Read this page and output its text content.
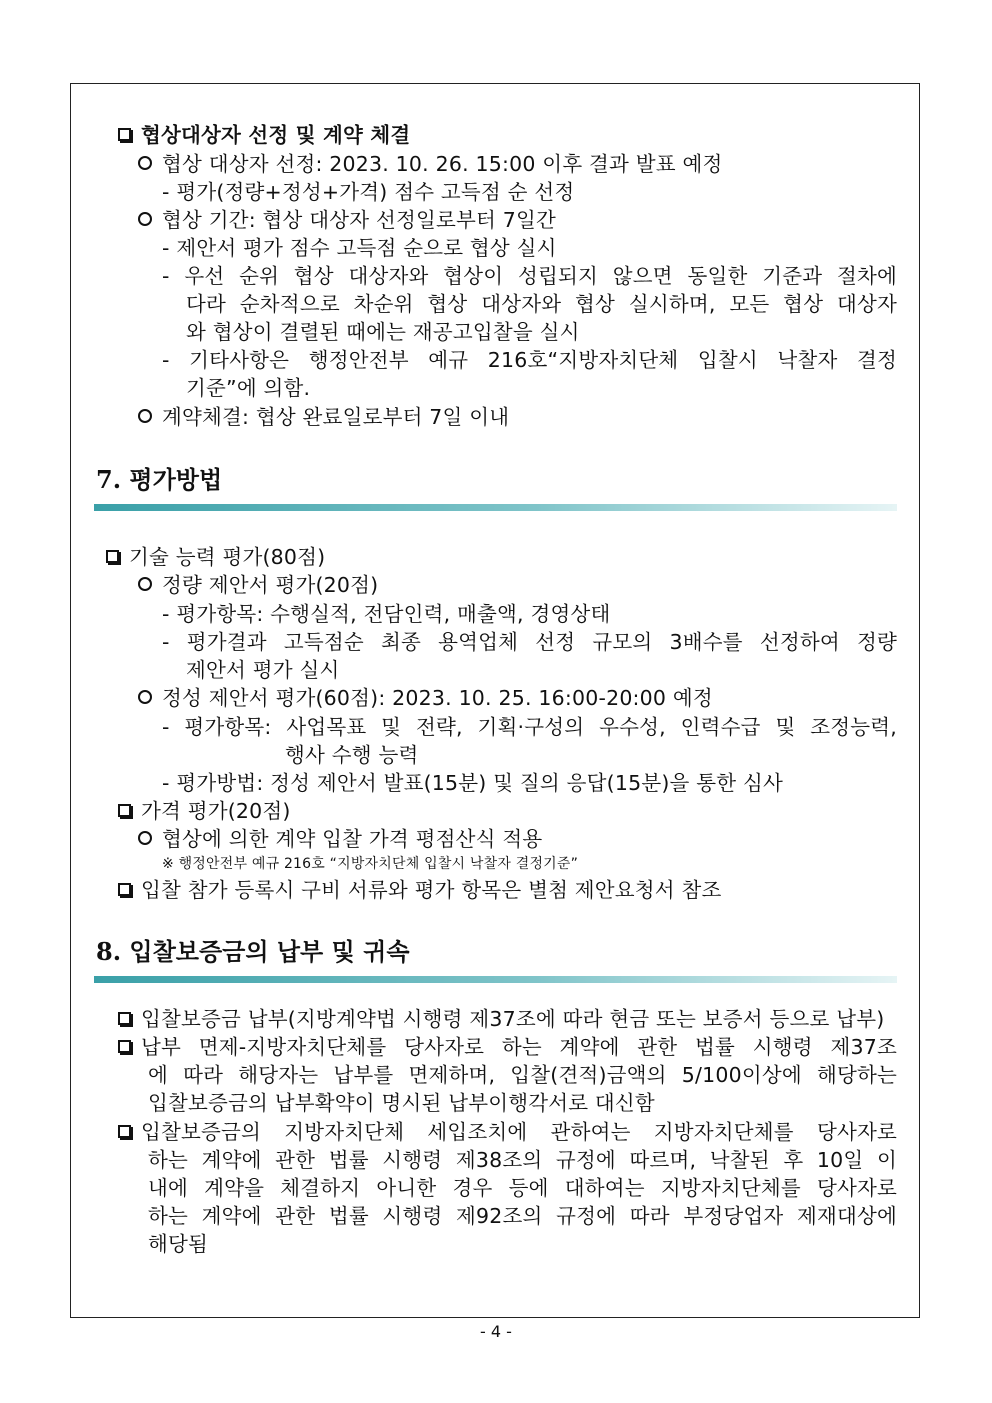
협상대상자 선정 및 계약 체결
협상 대상자 선정: 2023. 10. 26. 15:00 이후 결과 발표 예정
- 평가(정량+정성+가격) 점수 고득점 순 선정
협상 기간: 협상 대상자 선정일로부터 7일간
- 제안서 평가 점수 고득점 순으로 협상 실시
- 우선 순위 협상 대상자와 협상이 성립되지 않으면 동일한 기준과 절차에
다라 순차적으로 차순위 협상 대상자와 협상 실시하며, 모든 협상 대상자
와 협상이 결렬된 때에는 재공고입찰을 실시
- 기타사항은 행정안전부 예규 216호“지방자치단체 입찰시 낙찰자 결정
기준”에 의함.
계약체결: 협상 완료일로부터 7일 이내
7. 평가방법
기술 능력 평가(80점)
정량 제안서 평가(20점)
- 평가항목: 수행실적, 전담인력, 매출액, 경영상태
- 평가결과 고득점순 최종 용역업체 선정 규모의 3배수를 선정하여 정량
제안서 평가 실시
정성 제안서 평가(60점): 2023. 10. 25. 16:00-20:00 예정
- 평가항목: 사업목표 및 전략, 기획·구성의 우수성, 인력수급 및 조정능력,
행사 수행 능력
- 평가방법: 정성 제안서 발표(15분) 및 질의 응답(15분)을 통한 심사
가격 평가(20점)
협상에 의한 계약 입찰 가격 평점산식 적용
※ 행정안전부 예규 216호 “지방자치단체 입찰시 낙찰자 결정기준”
입찰 참가 등록시 구비 서류와 평가 항목은 별첨 제안요청서 참조
8. 입찰보증금의 납부 및 귀속
입찰보증금 납부(지방계약법 시행령 제37조에 따라 현금 또는 보증서 등으로 납부)
납부 면제-지방자치단체를 당사자로 하는 계약에 관한 법률 시행령 제37조
에 따라 해당자는 납부를 면제하며, 입찰(견적)금액의 5/100이상에 해당하는
입찰보증금의 납부확약이 명시된 납부이행각서로 대신함
입찰보증금의 지방자치단체 세입조치에 관하여는 지방자치단체를 당사자로
하는 계약에 관한 법률 시행령 제38조의 규정에 따르며, 낙찰된 후 10일 이
내에 계약을 체결하지 아니한 경우 등에 대하여는 지방자치단체를 당사자로
하는 계약에 관한 법률 시행령 제92조의 규정에 따라 부정당업자 제재대상에
해당됨
- 4 -
